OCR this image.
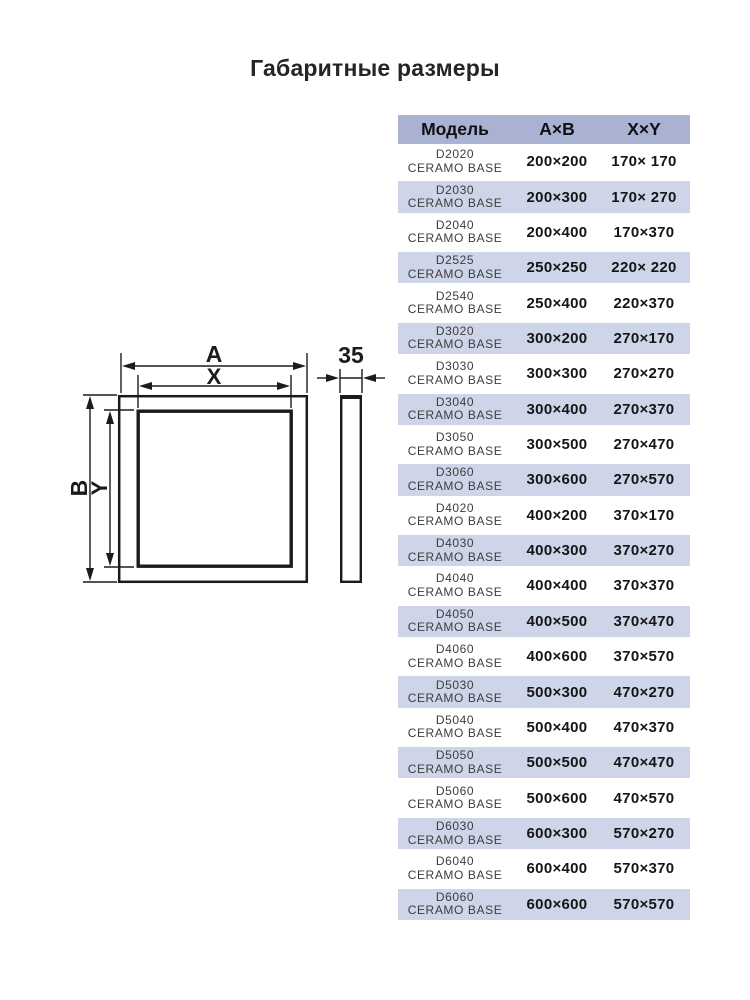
Габаритные размеры
A
X
B
Y
35
Модель	А×В	Х×Y
D2020
CERAMO BASE	200×200	170× 170
D2030
CERAMO BASE	200×300	170× 270
D2040
CERAMO BASE	200×400	170×370
D2525
CERAMO BASE	250×250	220× 220
D2540
CERAMO BASE	250×400	220×370
D3020
CERAMO BASE	300×200	270×170
D3030
CERAMO BASE	300×300	270×270
D3040
CERAMO BASE	300×400	270×370
D3050
CERAMO BASE	300×500	270×470
D3060
CERAMO BASE	300×600	270×570
D4020
CERAMO BASE	400×200	370×170
D4030
CERAMO BASE	400×300	370×270
D4040
CERAMO BASE	400×400	370×370
D4050
CERAMO BASE	400×500	370×470
D4060
CERAMO BASE	400×600	370×570
D5030
CERAMO BASE	500×300	470×270
D5040
CERAMO BASE	500×400	470×370
D5050
CERAMO BASE	500×500	470×470
D5060
CERAMO BASE	500×600	470×570
D6030
CERAMO BASE	600×300	570×270
D6040
CERAMO BASE	600×400	570×370
D6060
CERAMO BASE	600×600	570×570
